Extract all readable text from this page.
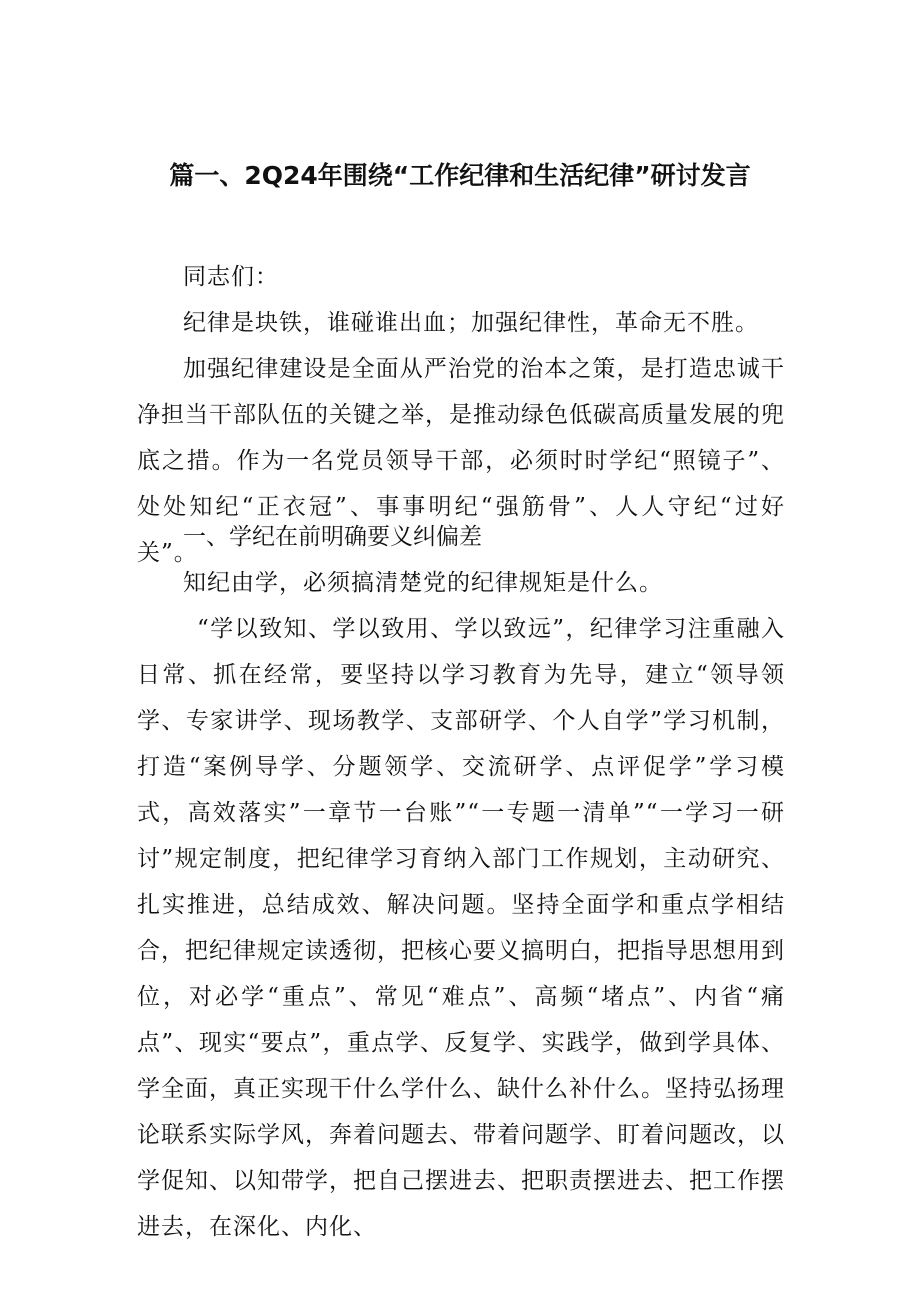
篇一、2Q24年围绕“工作纪律和生活纪律”研讨发言
同志们：

纪律是块铁，谁碰谁出血；加强纪律性，革命无不胜。

加强纪律建设是全面从严治党的治本之策，是打造忠诚干净担当干部队伍的关键之举，是推动绿色低碳高质量发展的兜底之措。作为一名党员领导干部，必须时时学纪“照镜子”、处处知纪“正衣冠”、事事明纪“强筋骨”、人人守纪“过好关”。

一、学纪在前明确要义纠偏差

知纪由学，必须搞清楚党的纪律规矩是什么。

“学以致知、学以致用、学以致远”，纪律学习注重融入日常、抓在经常，要坚持以学习教育为先导，建立“领导领学、专家讲学、现场教学、支部研学、个人自学”学习机制，打造“案例导学、分题领学、交流研学、点评促学”学习模式，高效落实”一章节一台账”“一专题一清单”“一学习一研讨”规定制度，把纪律学习育纳入部门工作规划，主动研究、扎实推进，总结成效、解决问题。坚持全面学和重点学相结合，把纪律规定读透彻，把核心要义搞明白，把指导思想用到位，对必学“重点”、常见“难点”、高频“堵点”、内省“痛点”、现实“要点”，重点学、反复学、实践学，做到学具体、学全面，真正实现干什么学什么、缺什么补什么。坚持弘扬理论联系实际学风，奔着问题去、带着问题学、盯着问题改，以学促知、以知带学，把自己摆进去、把职责摆进去、把工作摆进去，在深化、内化、
